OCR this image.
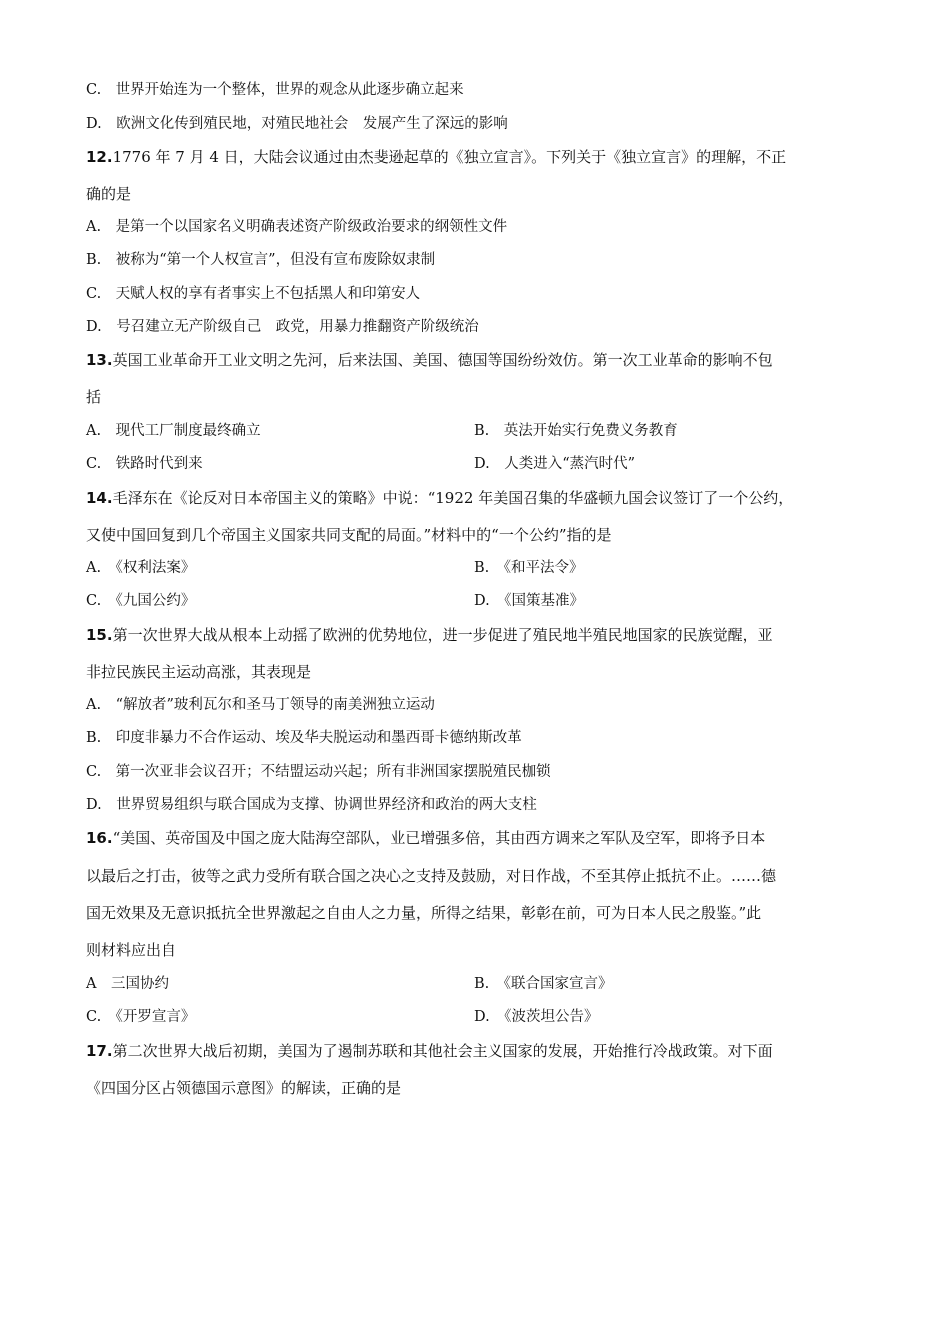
C.　世界开始连为一个整体，世界的观念从此逐步确立起来
D.　欧洲文化传到殖民地，对殖民地社会　发展产生了深远的影响
12.1776 年 7 月 4 日，大陆会议通过由杰斐逊起草的《独立宣言》。下列关于《独立宣言》的理解，不正
确的是
A.　是第一个以国家名义明确表述资产阶级政治要求的纲领性文件
B.　被称为“第一个人权宣言”，但没有宣布废除奴隶制
C.　天赋人权的享有者事实上不包括黑人和印第安人
D.　号召建立无产阶级自己　政党，用暴力推翻资产阶级统治
13.英国工业革命开工业文明之先河，后来法国、美国、德国等国纷纷效仿。第一次工业革命的影响不包
括
A.　现代工厂制度最终确立	B.　英法开始实行免费义务教育
C.　铁路时代到来	D.　人类进入“蒸汽时代”
14.毛泽东在《论反对日本帝国主义的策略》中说：“1922 年美国召集的华盛顿九国会议签订了一个公约，
又使中国回复到几个帝国主义国家共同支配的局面。”材料中的“一个公约”指的是
A.　《权利法案》	B.　《和平法令》
C.　《九国公约》	D.　《国策基准》
15.第一次世界大战从根本上动摇了欧洲的优势地位，进一步促进了殖民地半殖民地国家的民族觉醒，亚
非拉民族民主运动高涨，其表现是
A.　“解放者”玻利瓦尔和圣马丁领导的南美洲独立运动
B.　印度非暴力不合作运动、埃及华夫脱运动和墨西哥卡德纳斯改革
C.　第一次亚非会议召开；不结盟运动兴起；所有非洲国家摆脱殖民枷锁
D.　世界贸易组织与联合国成为支撑、协调世界经济和政治的两大支柱
16.“美国、英帝国及中国之庞大陆海空部队，业已增强多倍，其由西方调来之军队及空军，即将予日本
以最后之打击，彼等之武力受所有联合国之决心之支持及鼓励，对日作战，不至其停止抵抗不止。……德
国无效果及无意识抵抗全世界激起之自由人之力量，所得之结果，彰彰在前，可为日本人民之殷鉴。”此
则材料应出自
A　三国协约	B.　《联合国家宣言》
C.　《开罗宣言》	D.　《波茨坦公告》
17.第二次世界大战后初期，美国为了遏制苏联和其他社会主义国家的发展，开始推行冷战政策。对下面
《四国分区占领德国示意图》的解读，正确的是
